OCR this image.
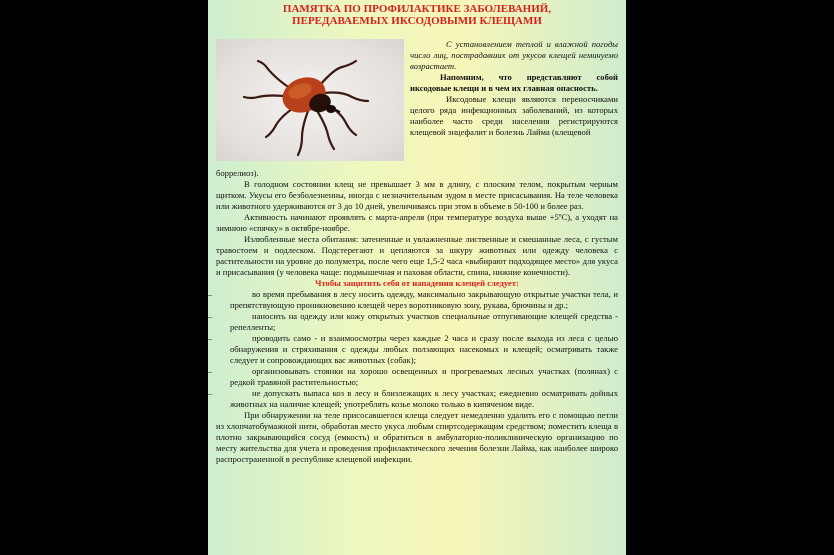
ПАМЯТКА ПО ПРОФИЛАКТИКЕ ЗАБОЛЕВАНИЙ,
ПЕРЕДАВАЕМЫХ ИКСОДОВЫМИ КЛЕЩАМИ

С установлением теплой и влажной погоды число лиц, пострадавших от укусов клещей неминуемо возрастает.

Напомним, что представляют собой иксодовые клещи и в чем их главная опасность.

Иксодовые клещи являются переносчиками целого ряда инфекционных заболеваний, из которых наиболее часто среди населения регистрируются клещевой энцефалит и болезнь Лайма (клещевой

боррелиоз).

В голодном состоянии клещ не превышает 3 мм в длину, с плоским телом, покрытым черным щитком. Укусы его безболезненны, иногда с незначительным зудом в месте присасывания. На теле человека или животного удерживаются от 3 до 10 дней, увеличиваясь при этом в объеме в 50-100 и более раз.

Активность начинают проявлять с марта-апреля (при температуре воздуха выше +5ºС), а уходят на зимнюю «спячку» в октябре-ноябре.

Излюбленные места обитания: затененные и увлажненные лиственные и смешанные леса, с густым травостоем и подлеском. Подстерегают и цепляются за шкуру животных или одежду человека с растительности на уровне до полуметра, после чего еще 1,5-2 часа «выбирают подходящее место» для укуса и присасывания (у человека чаще: подмышечная и паховая области, спина, нижние конечности).

Чтобы защитить себя от нападения клещей следует:

–	во время пребывания в лесу носить одежду, максимально закрывающую открытые участки тела, и препятствующую проникновению клещей через воротниковую зону, рукава, брючины и др.;
–	наносить на одежду или кожу открытых участков специальные отпугивающие клещей средства - репелленты;
–	проводить само - и взаимоосмотры через каждые 2 часа и сразу после выхода из леса с целью обнаружения и стряхивания с одежды любых ползающих насекомых и клещей; осматривать также следует и сопровождающих вас животных (собак);
–	организовывать стоянки на хорошо освещенных и прогреваемых лесных участках (полянах) с редкой травяной растительностью;
–	не допускать выпаса коз в лесу и близлежащих к лесу участках; ежедневно осматривать дойных животных на наличие клещей; употреблять козье молоко только в кипяченом виде.

При обнаружении на теле присосавшегося клеща следует немедленно удалить его с помощью петли из хлопчатобумажной нити, обработав место укуса любым спиртсодержащим средством; поместить клеща в плотно закрывающийся сосуд (емкость) и обратиться в амбулаторно-поликлиническую организацию по месту жительства для учета и проведения профилактического лечения болезни Лайма, как наиболее широко распространенной в республике клещевой инфекции.
